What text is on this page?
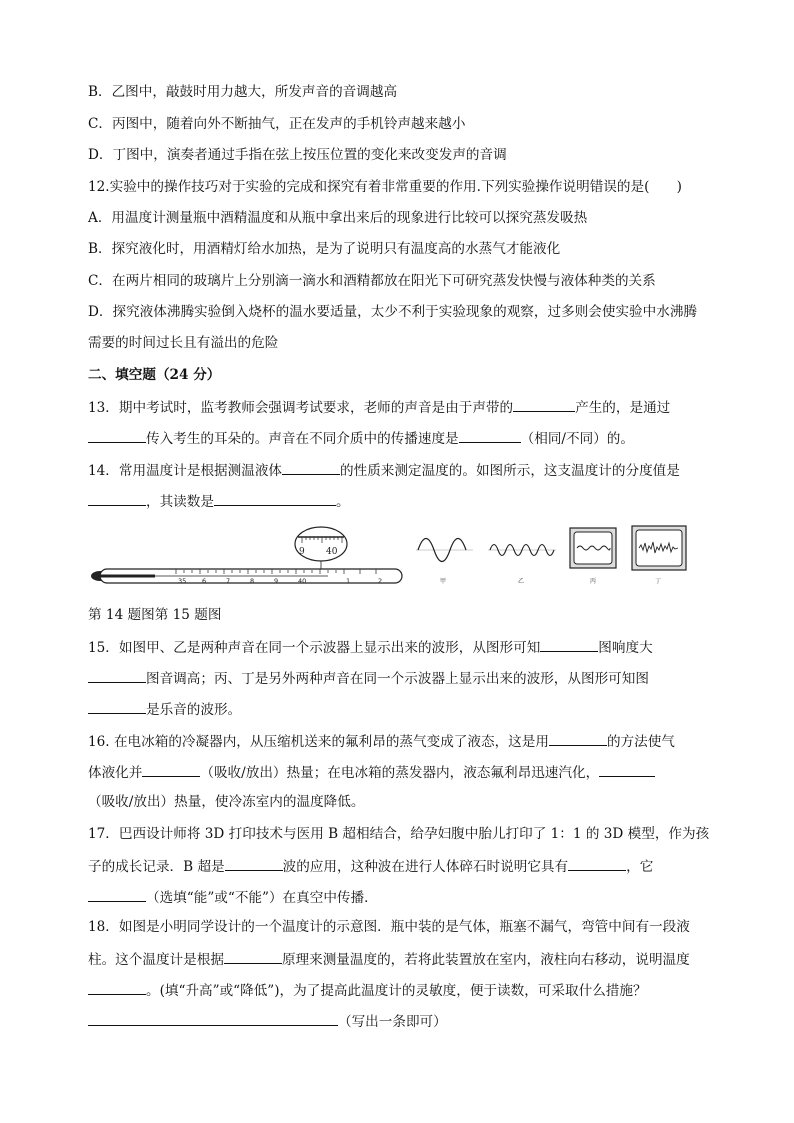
B．乙图中，敲鼓时用力越大，所发声音的音调越高
C．丙图中，随着向外不断抽气，正在发声的手机铃声越来越小
D．丁图中，演奏者通过手指在弦上按压位置的变化来改变发声的音调
12.实验中的操作技巧对于实验的完成和探究有着非常重要的作用.下列实验操作说明错误的是(　　)
A．用温度计测量瓶中酒精温度和从瓶中拿出来后的现象进行比较可以探究蒸发吸热
B．探究液化时，用酒精灯给水加热，是为了说明只有温度高的水蒸气才能液化
C．在两片相同的玻璃片上分别滴一滴水和酒精都放在阳光下可研究蒸发快慢与液体种类的关系
D．探究液体沸腾实验倒入烧杯的温水要适量，太少不利于实验现象的观察，过多则会使实验中水沸腾
需要的时间过长且有溢出的危险
二、填空题（24 分）
13．期中考试时，监考教师会强调考试要求，老师的声音是由于声带的	产生的，是通过
传入考生的耳朵的。声音在不同介质中的传播速度是	（相同/不同）的。
14．常用温度计是根据测温液体	的性质来测定温度的。如图所示，这支温度计的分度值是
，其读数是	。
35 6	7	8	9	40	1	2
9 40
甲	乙	丙	丁
第 14 题图第 15 题图
15．如图甲、乙是两种声音在同一个示波器上显示出来的波形，从图形可知	图响度大
图音调高；丙、丁是另外两种声音在同一个示波器上显示出来的波形，从图形可知图
是乐音的波形。
16. 在电冰箱的冷凝器内，从压缩机送来的氟利昂的蒸气变成了液态，这是用	的方法使气
体液化并	（吸收/放出）热量；在电冰箱的蒸发器内，液态氟利昂迅速汽化，
（吸收/放出）热量，使冷冻室内的温度降低。
17．巴西设计师将 3D 打印技术与医用 B 超相结合，给孕妇腹中胎儿打印了 1：1 的 3D 模型，作为孩
子的成长记录．B 超是	波的应用，这种波在进行人体碎石时说明它具有	，它
（选填“能”或“不能”）在真空中传播．
18．如图是小明同学设计的一个温度计的示意图．瓶中装的是气体，瓶塞不漏气，弯管中间有一段液
柱。这个温度计是根据	原理来测量温度的，若将此装置放在室内，液柱向右移动，说明温度
。(填“升高”或“降低”)，为了提高此温度计的灵敏度，便于读数，可采取什么措施？
（写出一条即可）
